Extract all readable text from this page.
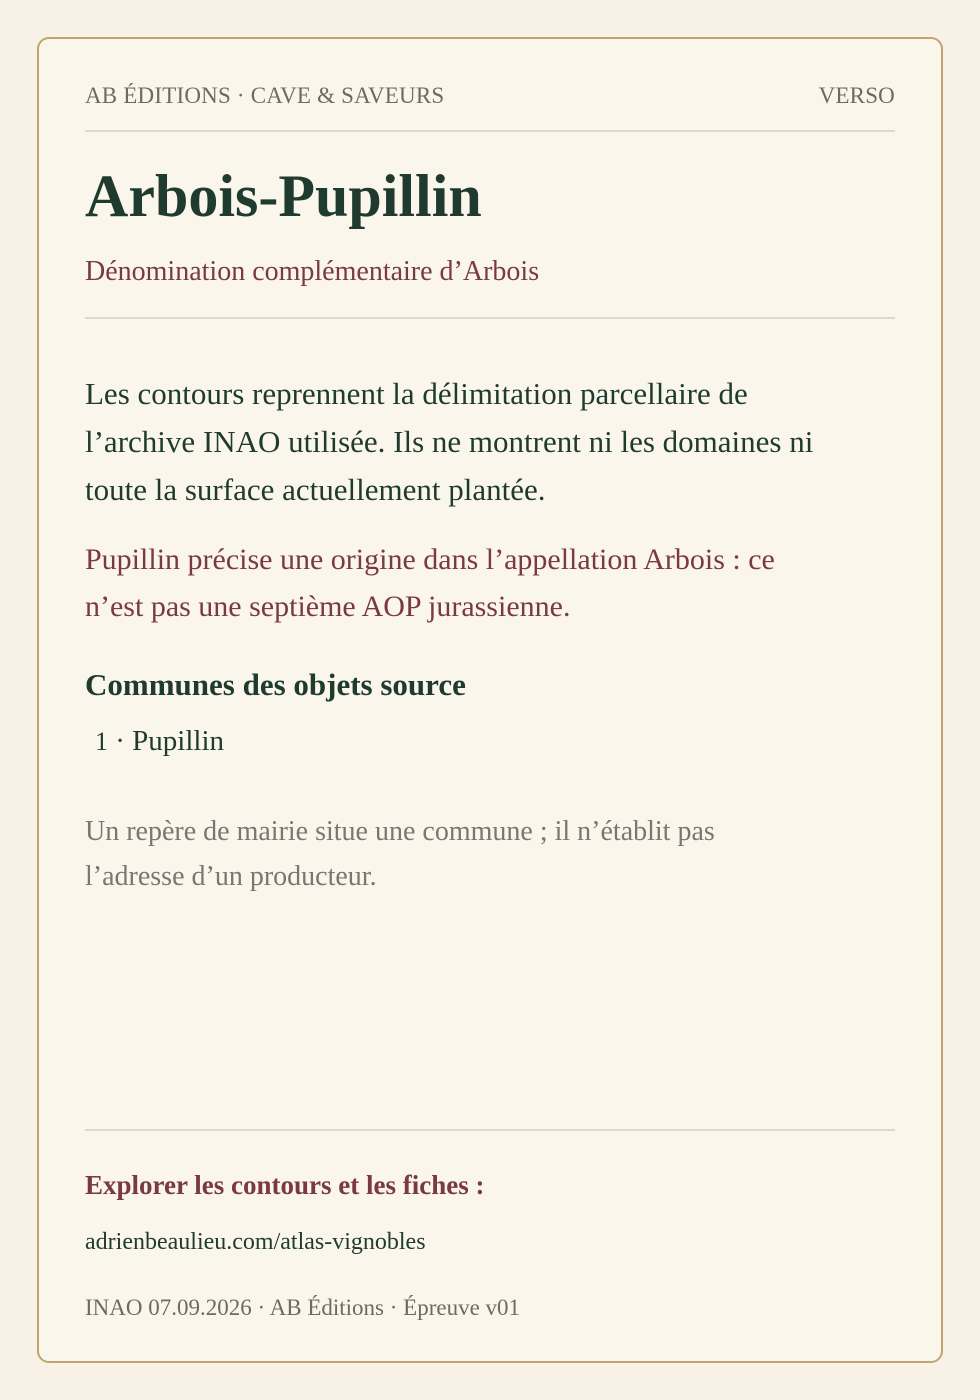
AB ÉDITIONS · CAVE & SAVEURS	VERSO
Arbois-Pupillin
Dénomination complémentaire d’Arbois

Les contours reprennent la délimitation parcellaire de l’archive INAO utilisée. Ils ne montrent ni les domaines ni toute la surface actuellement plantée.

Pupillin précise une origine dans l’appellation Arbois : ce n’est pas une septième AOP jurassienne.

Communes des objets source
1 · Pupillin

Un repère de mairie situe une commune ; il n’établit pas l’adresse d’un producteur.

Explorer les contours et les fiches :
adrienbeaulieu.com/atlas-vignobles
INAO 07.09.2026 · AB Éditions · Épreuve v01
